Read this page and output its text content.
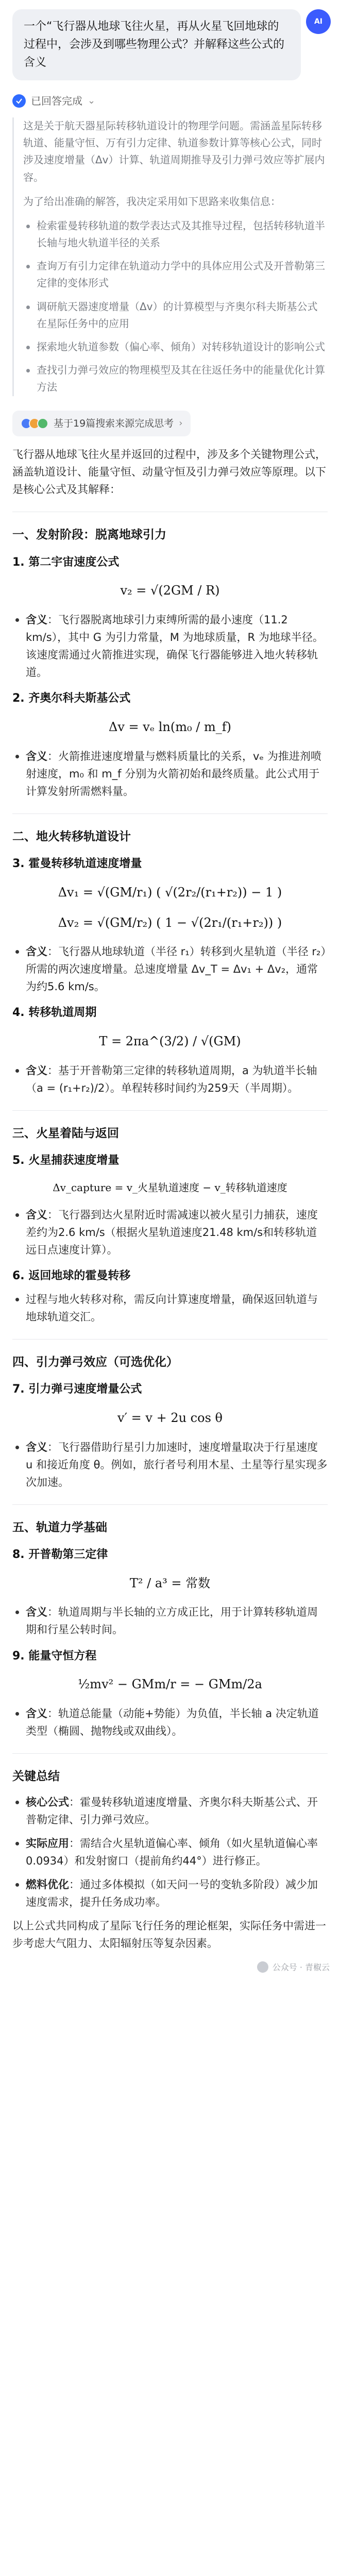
一个“飞行器从地球飞往火星，再从火星飞回地球的过程中，会涉及到哪些物理公式？并解释这些公式的含义
AI
已回答完成 ⌄

这是关于航天器星际转移轨道设计的物理学问题。需涵盖星际转移轨道、能量守恒、万有引力定律、轨道参数计算等核心公式，同时涉及速度增量（Δv）计算、轨道周期推导及引力弹弓效应等扩展内容。

为了给出准确的解答，我决定采用如下思路来收集信息：

检索霍曼转移轨道的数学表达式及其推导过程，包括转移轨道半长轴与地火轨道半径的关系
查询万有引力定律在轨道动力学中的具体应用公式及开普勒第三定律的变体形式
调研航天器速度增量（Δv）的计算模型与齐奥尔科夫斯基公式在星际任务中的应用
探索地火轨道参数（偏心率、倾角）对转移轨道设计的影响公式
查找引力弹弓效应的物理模型及其在往返任务中的能量优化计算方法
基于19篇搜索来源完成思考 ›

飞行器从地球飞往火星并返回的过程中，涉及多个关键物理公式，涵盖轨道设计、能量守恒、动量守恒及引力弹弓效应等原理。以下是核心公式及其解释：

一、发射阶段：脱离地球引力
1. 第二宇宙速度公式
v₂ = √(2GM / R)
含义：飞行器脱离地球引力束缚所需的最小速度（11.2 km/s），其中 G 为引力常量，M 为地球质量，R 为地球半径。该速度需通过火箭推进实现，确保飞行器能够进入地火转移轨道。
2. 齐奥尔科夫斯基公式
Δv = vₑ ln(m₀ / m_f)
含义：火箭推进速度增量与燃料质量比的关系，vₑ 为推进剂喷射速度，m₀ 和 m_f 分别为火箭初始和最终质量。此公式用于计算发射所需燃料量。
二、地火转移轨道设计
3. 霍曼转移轨道速度增量
Δv₁ = √(GM/r₁) ( √(2r₂/(r₁+r₂)) − 1 )
Δv₂ = √(GM/r₂) ( 1 − √(2r₁/(r₁+r₂)) )
含义：飞行器从地球轨道（半径 r₁）转移到火星轨道（半径 r₂）所需的两次速度增量。总速度增量 Δv_T = Δv₁ + Δv₂，通常为约5.6 km/s。
4. 转移轨道周期
T = 2πa^(3/2) / √(GM)
含义：基于开普勒第三定律的转移轨道周期，a 为轨道半长轴（a = (r₁+r₂)/2）。单程转移时间约为259天（半周期）。
三、火星着陆与返回
5. 火星捕获速度增量
Δv_capture = v_火星轨道速度 − v_转移轨道速度
含义：飞行器到达火星附近时需减速以被火星引力捕获，速度差约为2.6 km/s（根据火星轨道速度21.48 km/s和转移轨道远日点速度计算）。
6. 返回地球的霍曼转移
过程与地火转移对称，需反向计算速度增量，确保返回轨道与地球轨道交汇。
四、引力弹弓效应（可选优化）
7. 引力弹弓速度增量公式
v′ = v + 2u cos θ
含义：飞行器借助行星引力加速时，速度增量取决于行星速度 u 和接近角度 θ。例如，旅行者号利用木星、土星等行星实现多次加速。
五、轨道力学基础
8. 开普勒第三定律
T² / a³ = 常数
含义：轨道周期与半长轴的立方成正比，用于计算转移轨道周期和行星公转时间。
9. 能量守恒方程
½mv² − GMm/r = − GMm/2a
含义：轨道总能量（动能+势能）为负值，半长轴 a 决定轨道类型（椭圆、抛物线或双曲线）。
关键总结
核心公式：霍曼转移轨道速度增量、齐奥尔科夫斯基公式、开普勒定律、引力弹弓效应。
实际应用：需结合火星轨道偏心率、倾角（如火星轨道偏心率0.0934）和发射窗口（提前角约44°）进行修正。
燃料优化：通过多体模拟（如天问一号的变轨多阶段）减少加速度需求，提升任务成功率。

以上公式共同构成了星际飞行任务的理论框架，实际任务中需进一步考虑大气阻力、太阳辐射压等复杂因素。

公众号 · 青椒云
